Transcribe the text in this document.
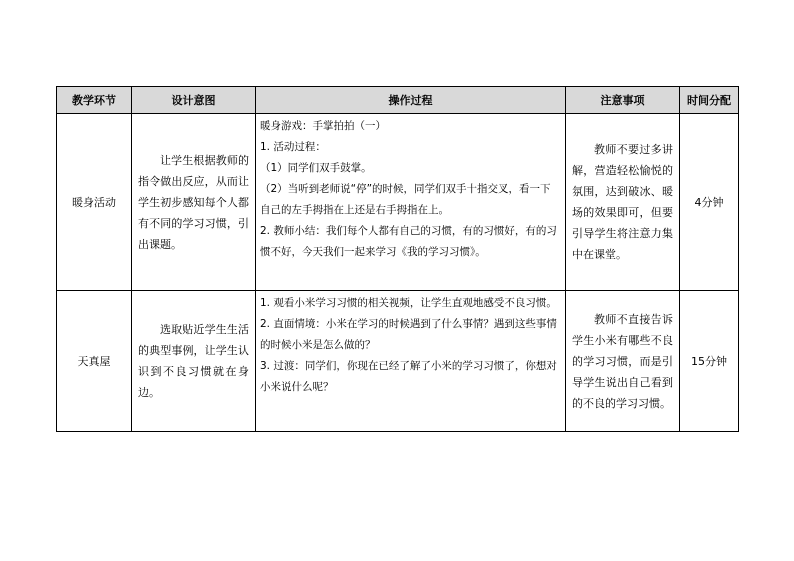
教学环节	设计意图	操作过程	注意事项	时间分配
暖身活动	让学生根据教师的指令做出反应，从而让学生初步感知每个人都有不同的学习习惯，引出课题。	暖身游戏：手掌拍拍（一）

1. 活动过程：

（1）同学们双手鼓掌。

（2）当听到老师说“停”的时候，同学们双手十指交叉，看一下自己的左手拇指在上还是右手拇指在上。

2. 教师小结：我们每个人都有自己的习惯，有的习惯好，有的习惯不好，今天我们一起来学习《我的学习习惯》。	教师不要过多讲解，营造轻松愉悦的氛围，达到破冰、暖场的效果即可，但要引导学生将注意力集中在课堂。	4分钟
天真屋	选取贴近学生生活的典型事例，让学生认识到不良习惯就在身边。	1. 观看小米学习习惯的相关视频，让学生直观地感受不良习惯。

2. 直面情境：小米在学习的时候遇到了什么事情？遇到这些事情的时候小米是怎么做的？

3. 过渡：同学们，你现在已经了解了小米的学习习惯了，你想对小米说什么呢？	教师不直接告诉学生小米有哪些不良的学习习惯，而是引导学生说出自己看到的不良的学习习惯。	15分钟
